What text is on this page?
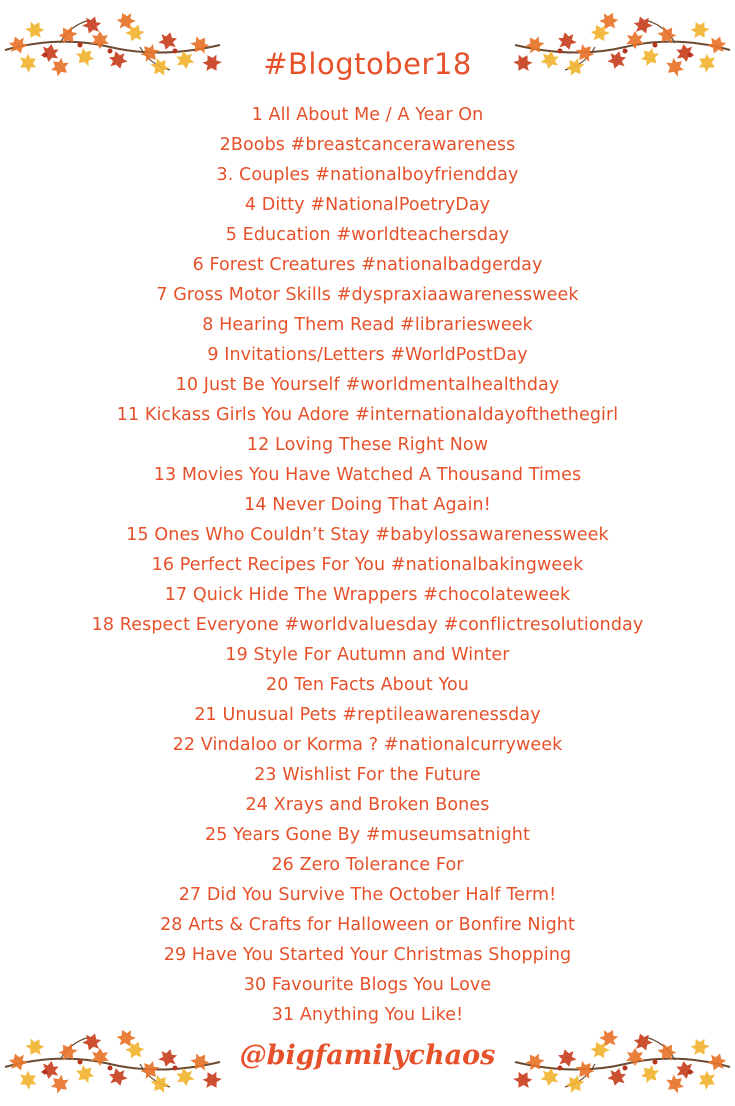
#Blogtober18
1 All About Me / A Year On
2Boobs #breastcancerawareness
3. Couples #nationalboyfriendday
4 Ditty #NationalPoetryDay
5 Education #worldteachersday
6 Forest Creatures #nationalbadgerday
7 Gross Motor Skills #dyspraxiaawarenessweek
8 Hearing Them Read #librariesweek
9 Invitations/Letters #WorldPostDay
10 Just Be Yourself #worldmentalhealthday
11 Kickass Girls You Adore #internationaldayofthethegirl
12 Loving These Right Now
13 Movies You Have Watched A Thousand Times
14 Never Doing That Again!
15 Ones Who Couldn’t Stay #babylossawarenessweek
16 Perfect Recipes For You #nationalbakingweek
17 Quick Hide The Wrappers #chocolateweek
18 Respect Everyone #worldvaluesday #conflictresolutionday
19 Style For Autumn and Winter
20 Ten Facts About You
21 Unusual Pets #reptileawarenessday
22 Vindaloo or Korma ? #nationalcurryweek
23 Wishlist For the Future
24 Xrays and Broken Bones
25 Years Gone By #museumsatnight
26 Zero Tolerance For
27 Did You Survive The October Half Term!
28 Arts & Crafts for Halloween or Bonfire Night
29 Have You Started Your Christmas Shopping
30 Favourite Blogs You Love
31 Anything You Like!
@bigfamilychaos
